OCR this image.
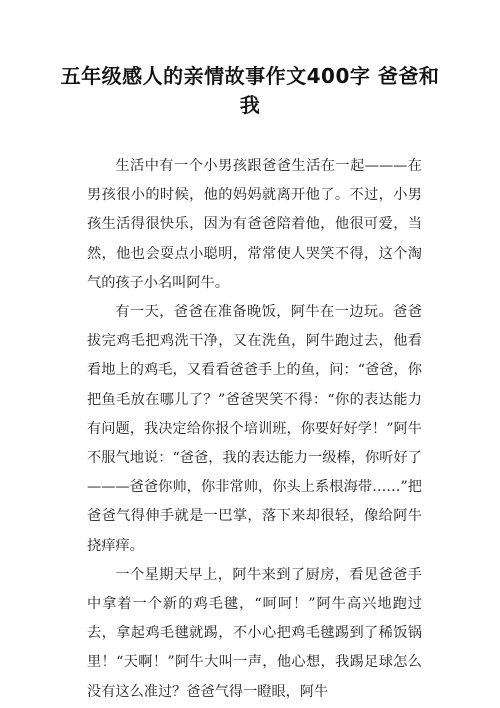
五年级感人的亲情故事作文400字 爸爸和我

生活中有一个小男孩跟爸爸生活在一起———在男孩很小的时候，他的妈妈就离开他了。不过，小男孩生活得很快乐，因为有爸爸陪着他，他很可爱，当然，他也会耍点小聪明，常常使人哭笑不得，这个淘气的孩子小名叫阿牛。

有一天，爸爸在准备晚饭，阿牛在一边玩。爸爸拔完鸡毛把鸡洗干净，又在洗鱼，阿牛跑过去，他看看地上的鸡毛，又看看爸爸手上的鱼，问：“爸爸，你把鱼毛放在哪儿了？”爸爸哭笑不得：“你的表达能力有问题，我决定给你报个培训班，你要好好学！”阿牛不服气地说：“爸爸，我的表达能力一级棒，你听好了———爸爸你帅，你非常帅，你头上系根海带……”把爸爸气得伸手就是一巴掌，落下来却很轻，像给阿牛挠痒痒。

一个星期天早上，阿牛来到了厨房，看见爸爸手中拿着一个新的鸡毛毽，“呵呵！”阿牛高兴地跑过去，拿起鸡毛毽就踢，不小心把鸡毛毽踢到了稀饭锅里！“天啊！”阿牛大叫一声，他心想，我踢足球怎么没有这么准过？爸爸气得一瞪眼，阿牛
